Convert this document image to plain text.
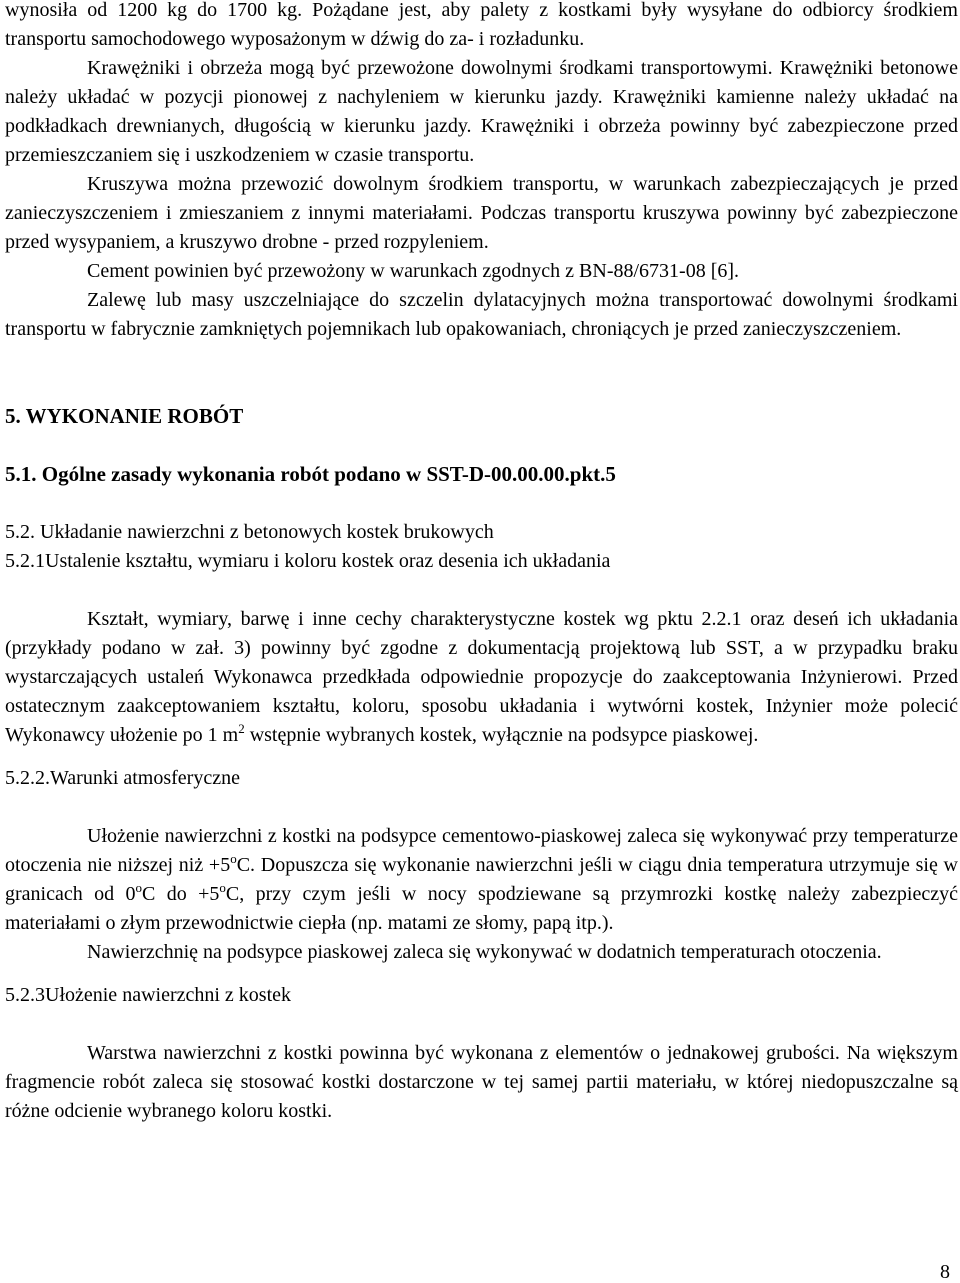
wynosiła od 1200 kg do 1700 kg. Pożądane jest, aby palety z kostkami były wysyłane do odbiorcy środkiem transportu samochodowego wyposażonym w dźwig do za- i rozładunku.

Krawężniki i obrzeża mogą być przewożone dowolnymi środkami transportowymi. Krawężniki betonowe należy układać w pozycji pionowej z nachyleniem w kierunku jazdy. Krawężniki kamienne należy układać na podkładkach drewnianych, długością w kierunku jazdy. Krawężniki i obrzeża powinny być zabezpieczone przed przemieszczaniem się i uszkodzeniem w czasie transportu.

Kruszywa można przewozić dowolnym środkiem transportu, w warunkach zabezpieczających je przed zanieczyszczeniem i zmieszaniem z innymi materiałami. Podczas transportu kruszywa powinny być zabezpieczone przed wysypaniem, a kruszywo drobne - przed rozpyleniem.

Cement powinien być przewożony w warunkach zgodnych z BN-88/6731-08 [6].

Zalewę lub masy uszczelniające do szczelin dylatacyjnych można transportować dowolnymi środkami transportu w fabrycznie zamkniętych pojemnikach lub opakowaniach, chroniących je przed zanieczyszczeniem.

5. WYKONANIE ROBÓT

5.1. Ogólne zasady wykonania robót podano w SST-D-00.00.00.pkt.5

5.2. Układanie nawierzchni z betonowych kostek brukowych

5.2.1Ustalenie kształtu, wymiaru i koloru kostek oraz desenia ich układania

Kształt, wymiary, barwę i inne cechy charakterystyczne kostek wg pktu 2.2.1 oraz deseń ich układania (przykłady podano w zał. 3) powinny być zgodne z dokumentacją projektową lub SST, a w przypadku braku wystarczających ustaleń Wykonawca przedkłada odpowiednie propozycje do zaakceptowania Inżynierowi. Przed ostatecznym zaakceptowaniem kształtu, koloru, sposobu układania i wytwórni kostek, Inżynier może polecić Wykonawcy ułożenie po 1 $m^2$ wstępnie wybranych kostek, wyłącznie na podsypce piaskowej.

5.2.2.Warunki atmosferyczne

Ułożenie nawierzchni z kostki na podsypce cementowo-piaskowej zaleca się wykonywać przy temperaturze otoczenia nie niższej niż $+5^oC$. Dopuszcza się wykonanie nawierzchni jeśli w ciągu dnia temperatura utrzymuje się w granicach od 0$^o$C do $+5^oC$, przy czym jeśli w nocy spodziewane są przymrozki kostkę należy zabezpieczyć materiałami o złym przewodnictwie ciepła (np. matami ze słomy, papą itp.).

Nawierzchnię na podsypce piaskowej zaleca się wykonywać w dodatnich temperaturach otoczenia.

5.2.3Ułożenie nawierzchni z kostek

Warstwa nawierzchni z kostki powinna być wykonana z elementów o jednakowej grubości. Na większym fragmencie robót zaleca się stosować kostki dostarczone w tej samej partii materiału, w której niedopuszczalne są różne odcienie wybranego koloru kostki.

8
